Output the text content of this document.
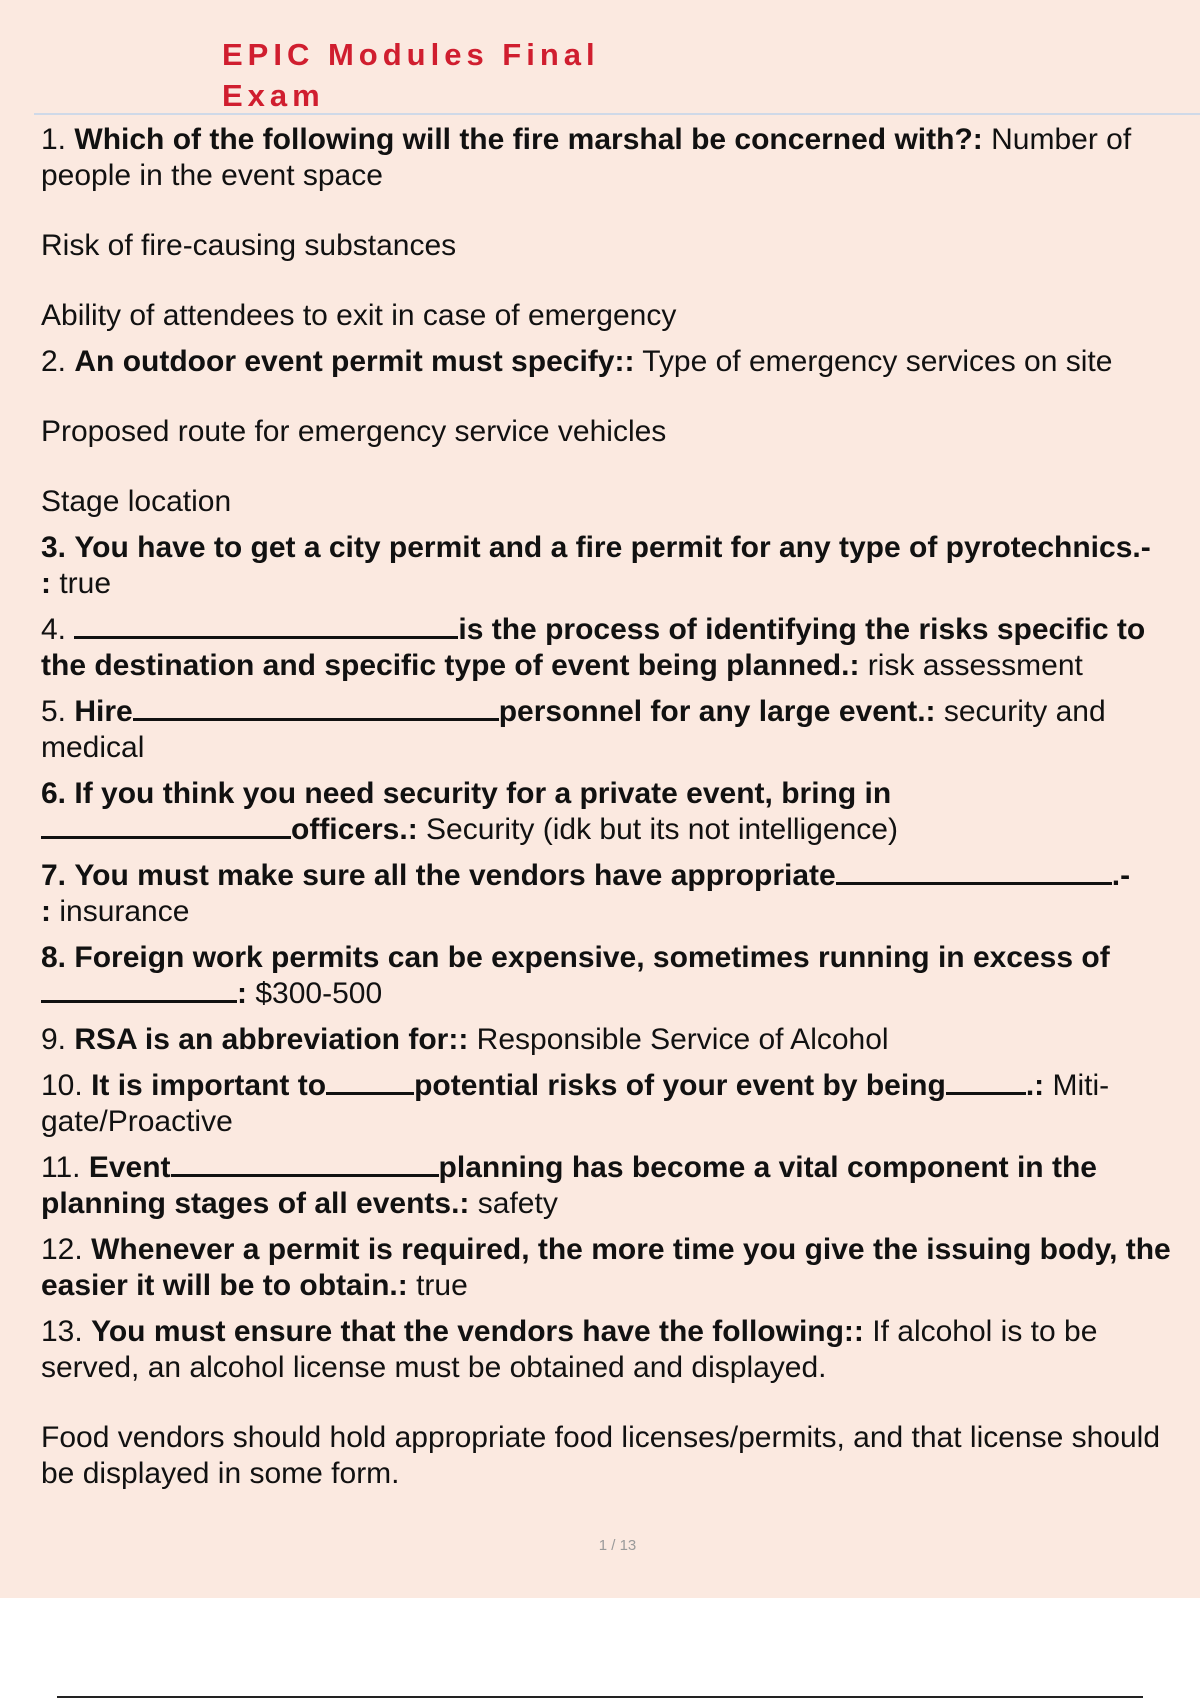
EPIC Modules Final
Exam

1. Which of the following will the fire marshal be concerned with?: Number of people in the event space

Risk of fire-causing substances

Ability of attendees to exit in case of emergency

2. An outdoor event permit must specify:: Type of emergency services on site

Proposed route for emergency service vehicles

Stage location

3. You have to get a city permit and a fire permit for any type of pyrotechnics.-
: true

4.	is the process of identifying the risks specific to the destination and specific type of event being planned.: risk assessment

5. Hire	personnel for any large event.: security and medical

6. If you think you need security for a private event, bring in
officers.: Security (idk but its not intelligence)

7. You must make sure all the vendors have appropriate	.-
: insurance

8. Foreign work permits can be expensive, sometimes running in excess of
: $300-500

9. RSA is an abbreviation for:: Responsible Service of Alcohol

10. It is important to	potential risks of your event by being	.: Miti-gate/Proactive

11. Event	planning has become a vital component in the planning stages of all events.: safety

12. Whenever a permit is required, the more time you give the issuing body, the easier it will be to obtain.: true

13. You must ensure that the vendors have the following:: If alcohol is to be served, an alcohol license must be obtained and displayed.

Food vendors should hold appropriate food licenses/permits, and that license should be displayed in some form.

1 / 13
